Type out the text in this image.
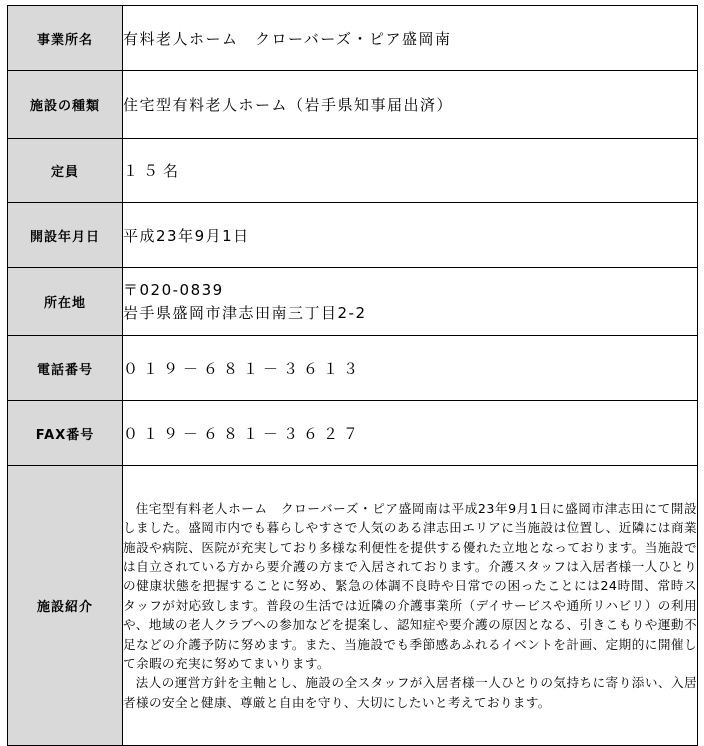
事業所名	有料老人ホーム　クローバーズ・ピア盛岡南
施設の種類	住宅型有料老人ホーム（岩手県知事届出済）
定員	１５名
開設年月日	平成23年9月1日
所在地	〒020-0839
岩手県盛岡市津志田南三丁目2-2

電話番号	０１９－６８１－３６１３
FAX番号	０１９－６８１－３６２７
施設紹介	住宅型有料老人ホーム　クローバーズ・ピア盛岡南は平成23年9月1日に盛岡市津志田にて開設しました。盛岡市内でも暮らしやすさで人気のある津志田エリアに当施設は位置し、近隣には商業施設や病院、医院が充実しており多様な利便性を提供する優れた立地となっております。当施設では自立されている方から要介護の方まで入居されております。介護スタッフは入居者様一人ひとりの健康状態を把握することに努め、緊急の体調不良時や日常での困ったことには24時間、常時スタッフが対応致します。普段の生活では近隣の介護事業所（デイサービスや通所リハビリ）の利用や、地域の老人クラブへの参加などを提案し、認知症や要介護の原因となる、引きこもりや運動不足などの介護予防に努めます。また、当施設でも季節感あふれるイベントを計画、定期的に開催して余暇の充実に努めてまいります。

法人の運営方針を主軸とし、施設の全スタッフが入居者様一人ひとりの気持ちに寄り添い、入居者様の安全と健康、尊厳と自由を守り、大切にしたいと考えております。
